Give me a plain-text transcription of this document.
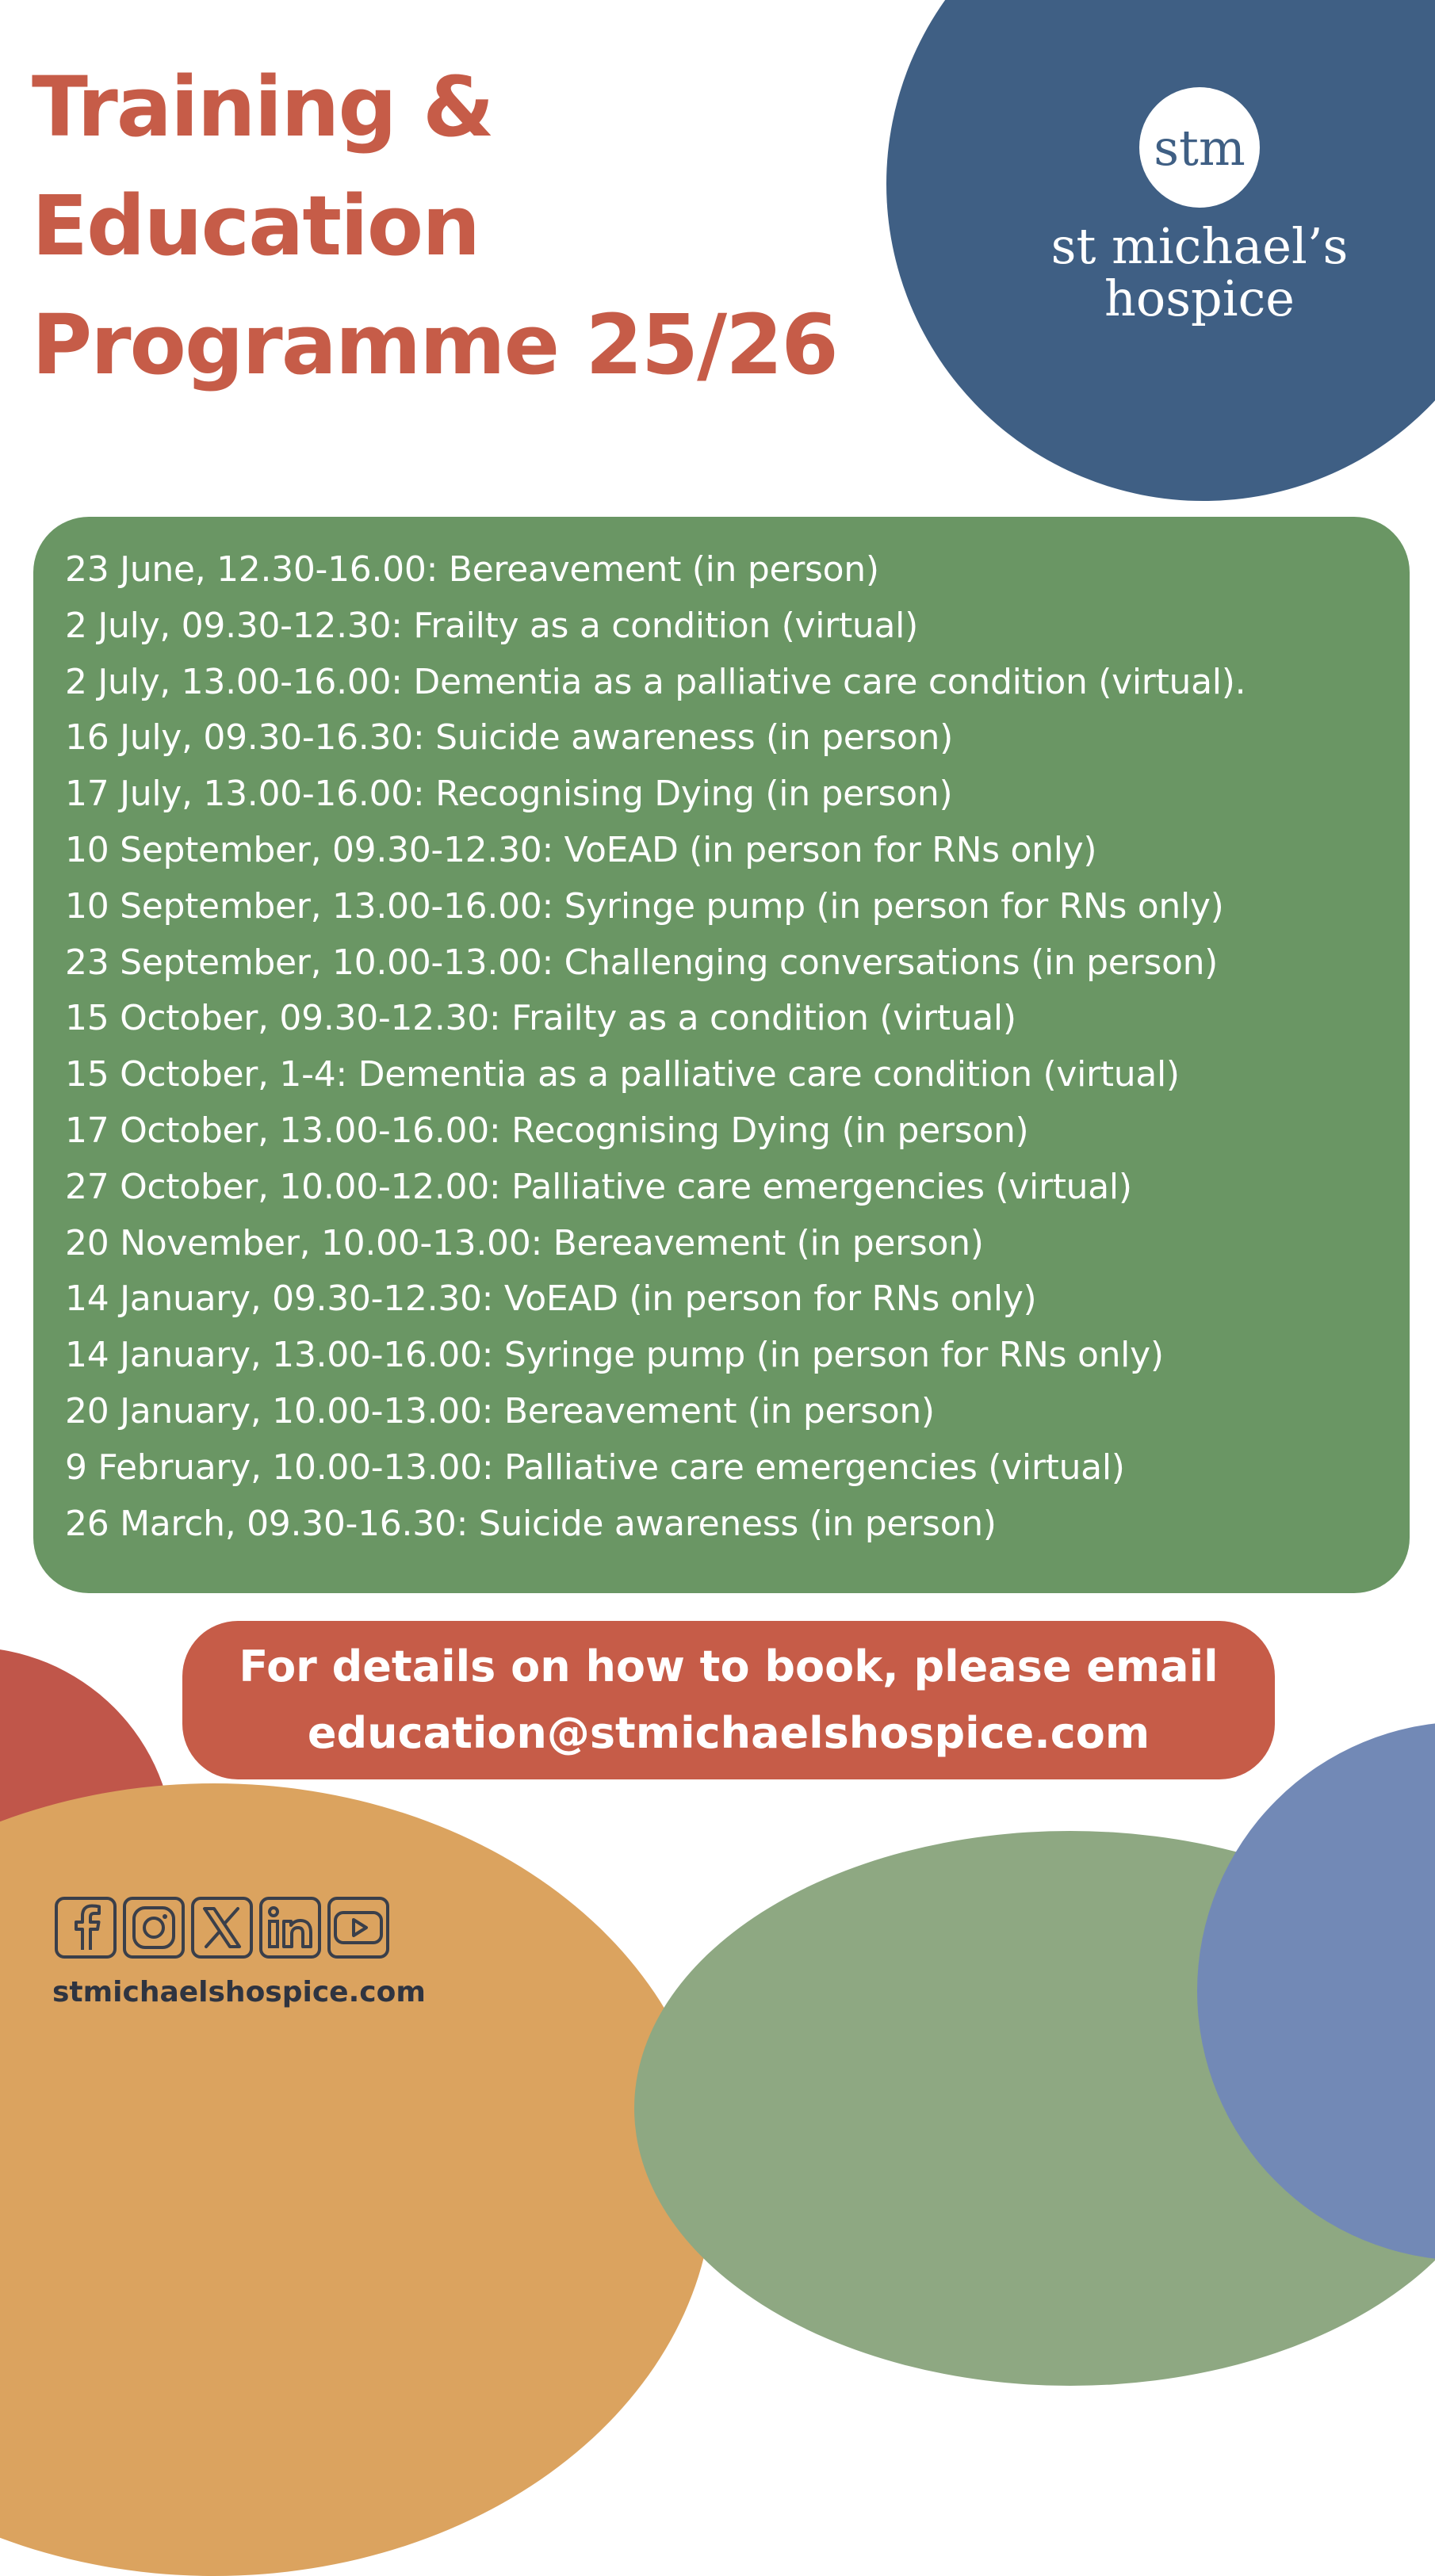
Training &
Education
Programme 25/26
stm
st michael’s
hospice
23 June, 12.30-16.00: Bereavement (in person)
2 July, 09.30-12.30: Frailty as a condition (virtual)
2 July, 13.00-16.00: Dementia as a palliative care condition (virtual).
16 July, 09.30-16.30: Suicide awareness (in person)
17 July, 13.00-16.00: Recognising Dying (in person)
10 September, 09.30-12.30: VoEAD (in person for RNs only)
10 September, 13.00-16.00: Syringe pump (in person for RNs only)
23 September, 10.00-13.00: Challenging conversations (in person)
15 October, 09.30-12.30: Frailty as a condition (virtual)
15 October, 1-4: Dementia as a palliative care condition (virtual)
17 October, 13.00-16.00: Recognising Dying (in person)
27 October, 10.00-12.00: Palliative care emergencies (virtual)
20 November, 10.00-13.00: Bereavement (in person)
14 January, 09.30-12.30: VoEAD (in person for RNs only)
14 January, 13.00-16.00: Syringe pump (in person for RNs only)
20 January, 10.00-13.00: Bereavement (in person)
9 February, 10.00-13.00: Palliative care emergencies (virtual)
26 March, 09.30-16.30: Suicide awareness (in person)
For details on how to book, please email
education@stmichaelshospice.com
stmichaelshospice.com
